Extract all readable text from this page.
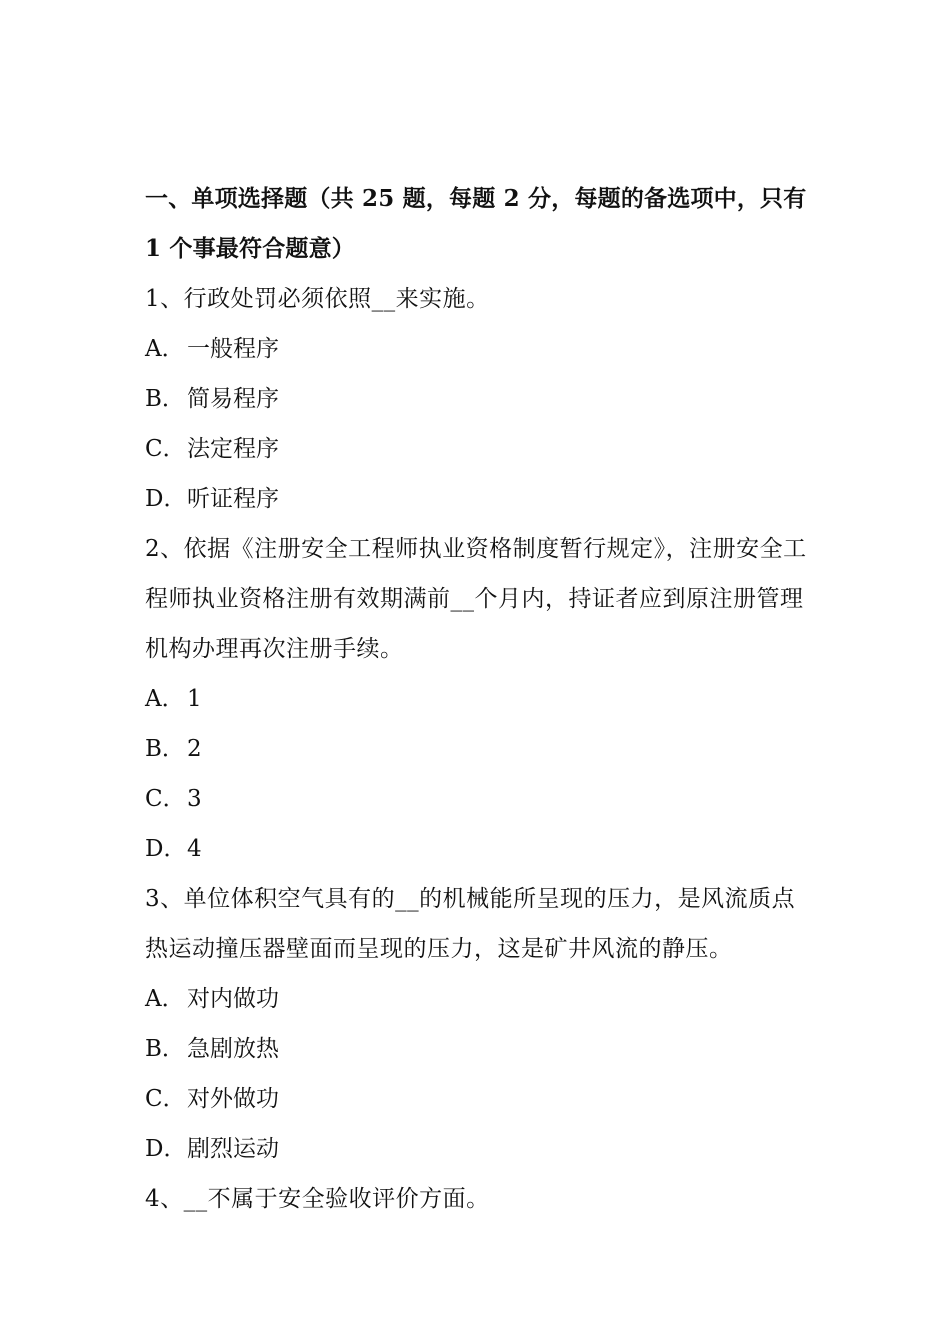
一、单项选择题（共 25 题，每题 2 分，每题的备选项中，只有
1 个事最符合题意）
1、行政处罚必须依照__来实施。
A． 一般程序
B．简易程序
C．法定程序
D．听证程序
2、依据《注册安全工程师执业资格制度暂行规定》，注册安全工程师执业资格注册有效期满前__个月内，持证者应到原注册管理机构办理再次注册手续。
A． 1
B．2
C．3
D．4
3、单位体积空气具有的__的机械能所呈现的压力，是风流质点热运动撞压器壁面而呈现的压力，这是矿井风流的静压。
A． 对内做功
B．急剧放热
C．对外做功
D．剧烈运动
4、__不属于安全验收评价方面。
